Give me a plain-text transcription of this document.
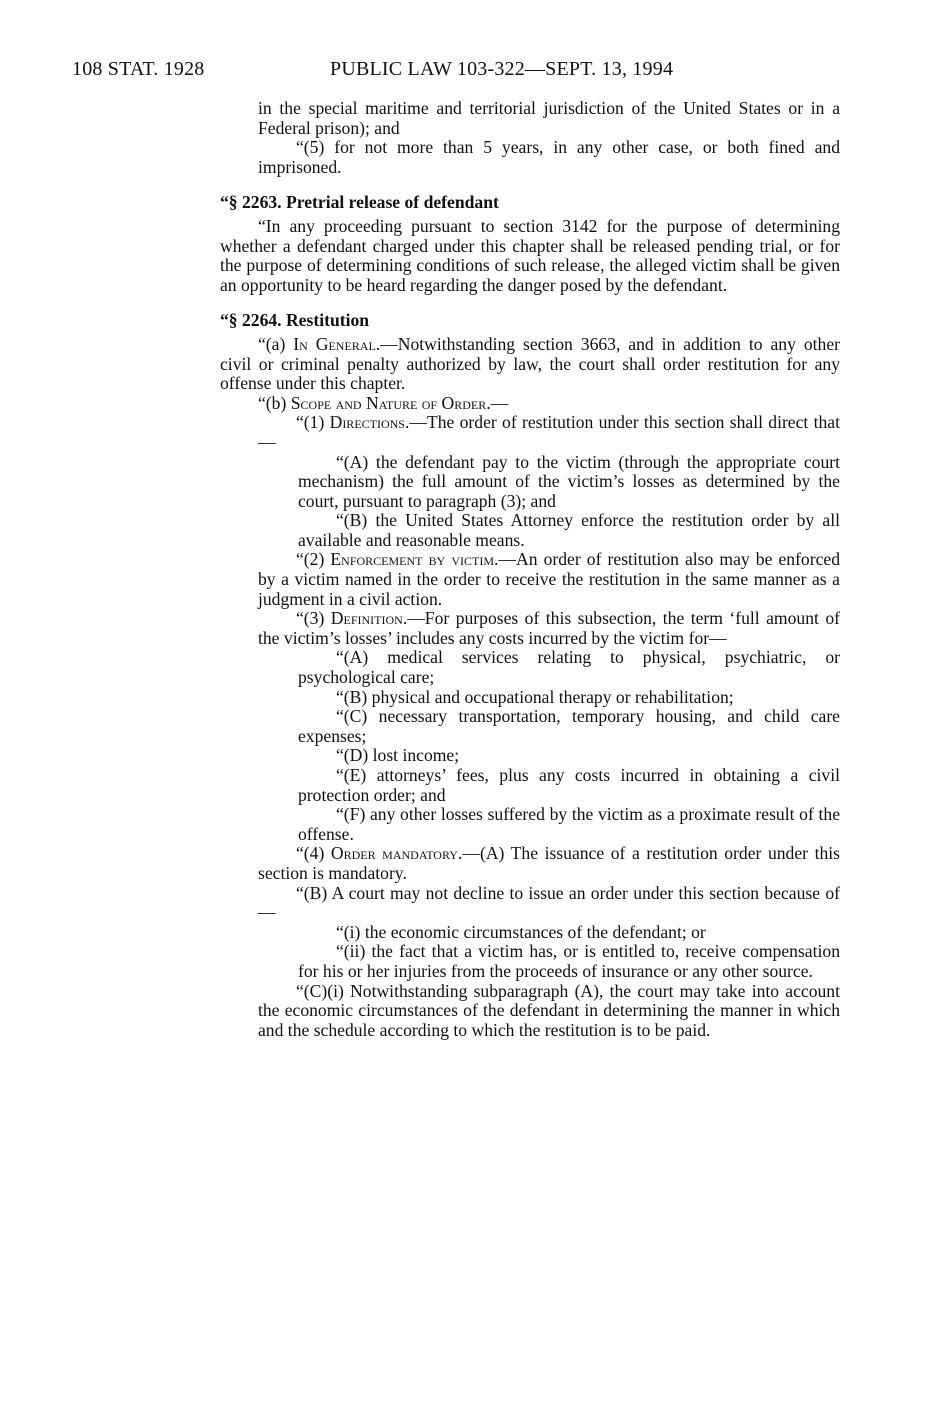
108 STAT. 1928	PUBLIC LAW 103-322—SEPT. 13, 1994

in the special maritime and territorial jurisdiction of the United States or in a Federal prison); and

“(5) for not more than 5 years, in any other case, or both fined and imprisoned.

“§ 2263. Pretrial release of defendant

“In any proceeding pursuant to section 3142 for the purpose of determining whether a defendant charged under this chapter shall be released pending trial, or for the purpose of determining conditions of such release, the alleged victim shall be given an opportunity to be heard regarding the danger posed by the defendant.

“§ 2264. Restitution

“(a) In General.—Notwithstanding section 3663, and in addition to any other civil or criminal penalty authorized by law, the court shall order restitution for any offense under this chapter.

“(b) Scope and Nature of Order.—

“(1) Directions.—The order of restitution under this section shall direct that—

“(A) the defendant pay to the victim (through the appropriate court mechanism) the full amount of the victim’s losses as determined by the court, pursuant to paragraph (3); and

“(B) the United States Attorney enforce the restitution order by all available and reasonable means.

“(2) Enforcement by victim.—An order of restitution also may be enforced by a victim named in the order to receive the restitution in the same manner as a judgment in a civil action.

“(3) Definition.—For purposes of this subsection, the term ‘full amount of the victim’s losses’ includes any costs incurred by the victim for—

“(A) medical services relating to physical, psychiatric, or psychological care;

“(B) physical and occupational therapy or rehabilitation;

“(C) necessary transportation, temporary housing, and child care expenses;

“(D) lost income;

“(E) attorneys’ fees, plus any costs incurred in obtaining a civil protection order; and

“(F) any other losses suffered by the victim as a proximate result of the offense.

“(4) Order mandatory.—(A) The issuance of a restitution order under this section is mandatory.

“(B) A court may not decline to issue an order under this section because of—

“(i) the economic circumstances of the defendant; or

“(ii) the fact that a victim has, or is entitled to, receive compensation for his or her injuries from the proceeds of insurance or any other source.

“(C)(i) Notwithstanding subparagraph (A), the court may take into account the economic circumstances of the defendant in determining the manner in which and the schedule according to which the restitution is to be paid.
